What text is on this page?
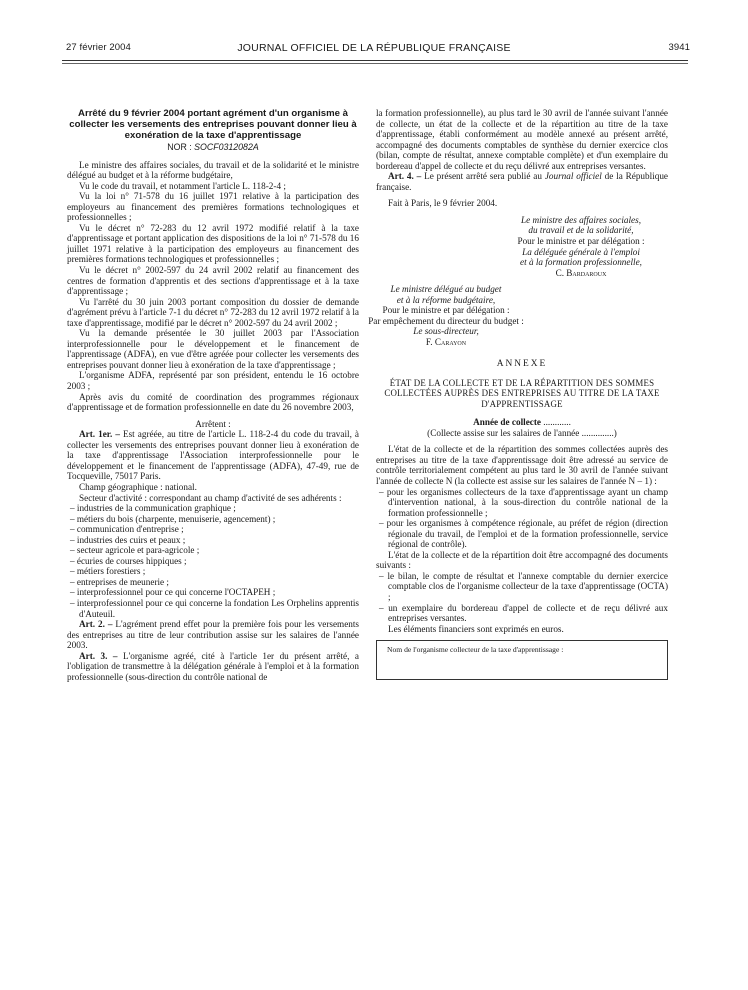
27 février 2004	JOURNAL OFFICIEL DE LA RÉPUBLIQUE FRANÇAISE	3941
Arrêté du 9 février 2004 portant agrément d'un organisme à collecter les versements des entreprises pouvant donner lieu à exonération de la taxe d'apprentissage
NOR : SOCF0312082A

Le ministre des affaires sociales, du travail et de la solidarité et le ministre délégué au budget et à la réforme budgétaire,

Vu le code du travail, et notamment l'article L. 118-2-4 ;

Vu la loi n° 71-578 du 16 juillet 1971 relative à la participation des employeurs au financement des premières formations technologiques et professionnelles ;

Vu le décret n° 72-283 du 12 avril 1972 modifié relatif à la taxe d'apprentissage et portant application des dispositions de la loi n° 71-578 du 16 juillet 1971 relative à la participation des employeurs au financement des premières formations technologiques et professionnelles ;

Vu le décret n° 2002-597 du 24 avril 2002 relatif au financement des centres de formation d'apprentis et des sections d'apprentissage et à la taxe d'apprentissage ;

Vu l'arrêté du 30 juin 2003 portant composition du dossier de demande d'agrément prévu à l'article 7-1 du décret n° 72-283 du 12 avril 1972 relatif à la taxe d'apprentissage, modifié par le décret n° 2002-597 du 24 avril 2002 ;

Vu la demande présentée le 30 juillet 2003 par l'Association interprofessionnelle pour le développement et le financement de l'apprentissage (ADFA), en vue d'être agréée pour collecter les versements des entreprises pouvant donner lieu à exonération de la taxe d'apprentissage ;

L'organisme ADFA, représenté par son président, entendu le 16 octobre 2003 ;

Après avis du comité de coordination des programmes régionaux d'apprentissage et de formation professionnelle en date du 26 novembre 2003,

Arrêtent :

Art. 1er. – Est agréée, au titre de l'article L. 118-2-4 du code du travail, à collecter les versements des entreprises pouvant donner lieu à exonération de la taxe d'apprentissage l'Association interprofessionnelle pour le développement et le financement de l'apprentissage (ADFA), 47-49, rue de Tocqueville, 75017 Paris.

Champ géographique : national.

Secteur d'activité : correspondant au champ d'activité de ses adhérents :

– industries de la communication graphique ;
– métiers du bois (charpente, menuiserie, agencement) ;
– communication d'entreprise ;
– industries des cuirs et peaux ;
– secteur agricole et para-agricole ;
– écuries de courses hippiques ;
– métiers forestiers ;
– entreprises de meunerie ;
– interprofessionnel pour ce qui concerne l'OCTAPEH ;
– interprofessionnel pour ce qui concerne la fondation Les Orphelins apprentis d'Auteuil.

Art. 2. – L'agrément prend effet pour la première fois pour les versements des entreprises au titre de leur contribution assise sur les salaires de l'année 2003.

Art. 3. – L'organisme agréé, cité à l'article 1er du présent arrêté, a l'obligation de transmettre à la délégation générale à l'emploi et à la formation professionnelle (sous-direction du contrôle national de

la formation professionnelle), au plus tard le 30 avril de l'année suivant l'année de collecte, un état de la collecte et de la répartition au titre de la taxe d'apprentissage, établi conformément au modèle annexé au présent arrêté, accompagné des documents comptables de synthèse du dernier exercice clos (bilan, compte de résultat, annexe comptable complète) et d'un exemplaire du bordereau d'appel de collecte et du reçu délivré aux entreprises versantes.

Art. 4. – Le présent arrêté sera publié au Journal officiel de la République française.

Fait à Paris, le 9 février 2004.

Le ministre des affaires sociales,
du travail et de la solidarité,
Pour le ministre et par délégation :
La déléguée générale à l'emploi
et à la formation professionnelle,
C. Bardaroux
Le ministre délégué au budget
et à la réforme budgétaire,
Pour le ministre et par délégation :
Par empêchement du directeur du budget :
Le sous-directeur,
F. Carayon
ANNEXE
ÉTAT DE LA COLLECTE ET DE LA RÉPARTITION DES SOMMES COLLECTÉES AUPRÈS DES ENTREPRISES AU TITRE DE LA TAXE D'APPRENTISSAGE

Année de collecte ............

(Collecte assise sur les salaires de l'année ..............)

L'état de la collecte et de la répartition des sommes collectées auprès des entreprises au titre de la taxe d'apprentissage doit être adressé au service de contrôle territorialement compétent au plus tard le 30 avril de l'année suivant l'année de collecte N (la collecte est assise sur les salaires de l'année N – 1) :

– pour les organismes collecteurs de la taxe d'apprentissage ayant un champ d'intervention national, à la sous-direction du contrôle national de la formation professionnelle ;
– pour les organismes à compétence régionale, au préfet de région (direction régionale du travail, de l'emploi et de la formation professionnelle, service régional de contrôle).

L'état de la collecte et de la répartition doit être accompagné des documents suivants :

– le bilan, le compte de résultat et l'annexe comptable du dernier exercice comptable clos de l'organisme collecteur de la taxe d'apprentissage (OCTA) ;
– un exemplaire du bordereau d'appel de collecte et de reçu délivré aux entreprises versantes.

Les éléments financiers sont exprimés en euros.

Nom de l'organisme collecteur de la taxe d'apprentissage :
